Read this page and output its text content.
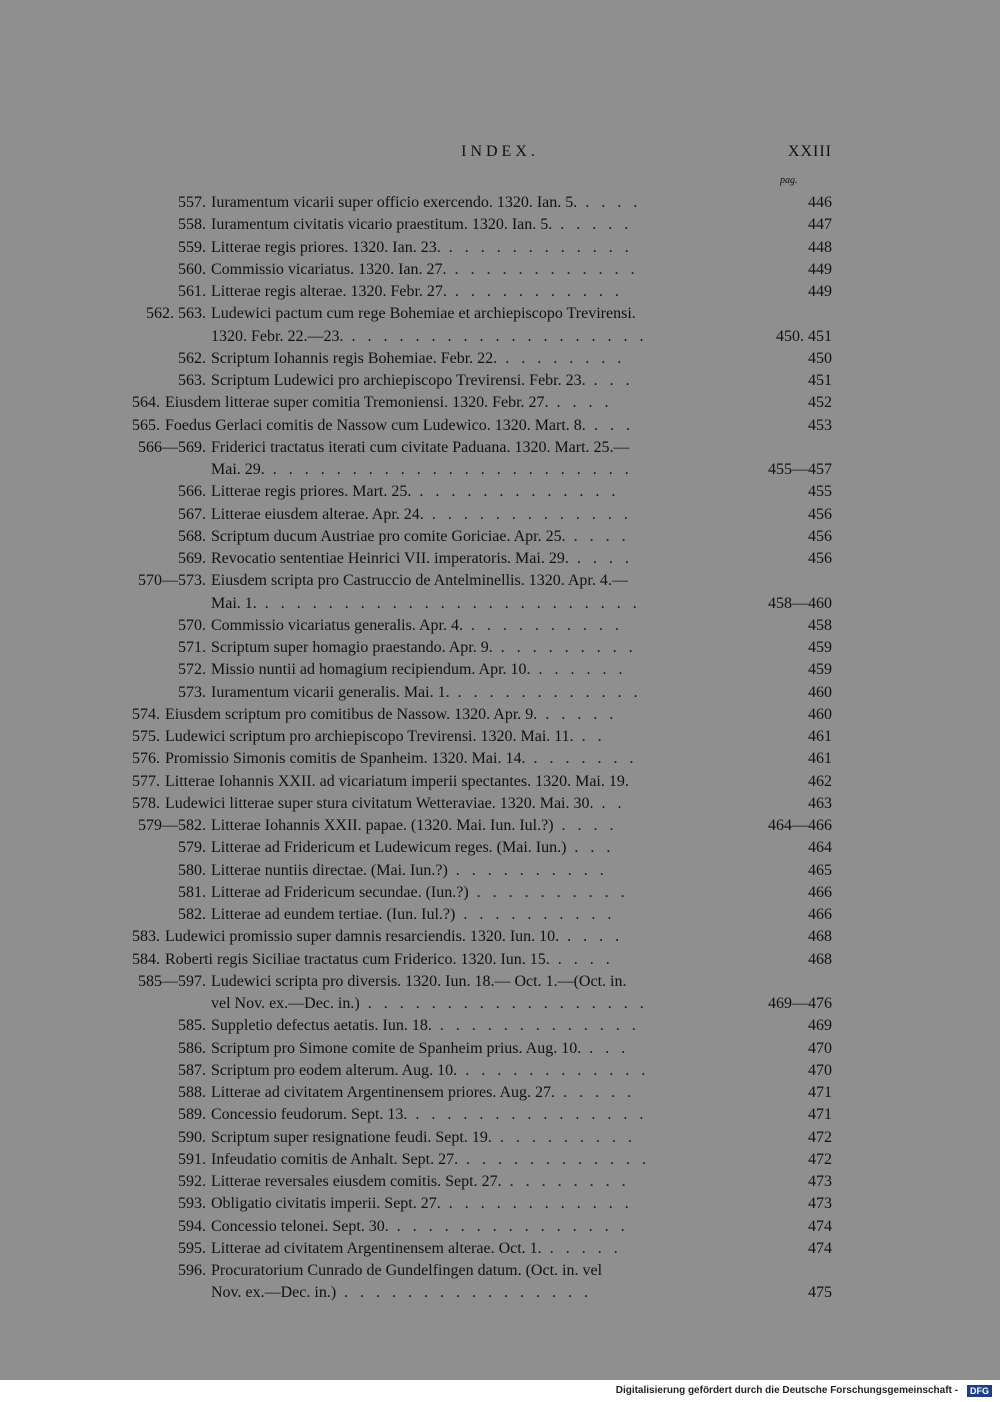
INDEX.	XXIII
pag.
557. Iuramentum vicarii super officio exercendo. 1320. Ian. 5. . . . .	446
558. Iuramentum civitatis vicario praestitum. 1320. Ian. 5. . . . . .	447
559. Litterae regis priores. 1320. Ian. 23. . . . . . . . . . . . .	448
560. Commissio vicariatus. 1320. Ian. 27. . . . . . . . . . . . .	449
561. Litterae regis alterae. 1320. Febr. 27. . . . . . . . . . . .	449
562. 563. Ludewici pactum cum rege Bohemiae et archiepiscopo Trevirensi.
1320. Febr. 22.—23. . . . . . . . . . . . . . . . . . . .	450. 451
562. Scriptum Iohannis regis Bohemiae. Febr. 22. . . . . . . . .	450
563. Scriptum Ludewici pro archiepiscopo Trevirensi. Febr. 23. . . .	451
564. Eiusdem litterae super comitia Tremoniensi. 1320. Febr. 27. . . . .	452
565. Foedus Gerlaci comitis de Nassow cum Ludewico. 1320. Mart. 8. . . .	453
566—569. Friderici tractatus iterati cum civitate Paduana. 1320. Mart. 25.—
Mai. 29. . . . . . . . . . . . . . . . . . . . . . . .	455—457
566. Litterae regis priores. Mart. 25. . . . . . . . . . . . . .	455
567. Litterae eiusdem alterae. Apr. 24. . . . . . . . . . . . . .	456
568. Scriptum ducum Austriae pro comite Goriciae. Apr. 25. . . . .	456
569. Revocatio sententiae Heinrici VII. imperatoris. Mai. 29. . . . .	456
570—573. Eiusdem scripta pro Castruccio de Antelminellis. 1320. Apr. 4.—
Mai. 1. . . . . . . . . . . . . . . . . . . . . . . . .	458—460
570. Commissio vicariatus generalis. Apr. 4. . . . . . . . . . .	458
571. Scriptum super homagio praestando. Apr. 9. . . . . . . . . .	459
572. Missio nuntii ad homagium recipiendum. Apr. 10. . . . . . .	459
573. Iuramentum vicarii generalis. Mai. 1. . . . . . . . . . . . .	460
574. Eiusdem scriptum pro comitibus de Nassow. 1320. Apr. 9. . . . . .	460
575. Ludewici scriptum pro archiepiscopo Trevirensi. 1320. Mai. 11. . .	461
576. Promissio Simonis comitis de Spanheim. 1320. Mai. 14. . . . . . . .	461
577. Litterae Iohannis XXII. ad vicariatum imperii spectantes. 1320. Mai. 19.	462
578. Ludewici litterae super stura civitatum Wetteraviae. 1320. Mai. 30. . .	463
579—582. Litterae Iohannis XXII. papae. (1320. Mai. Iun. Iul.?) . . . .	464—466
579. Litterae ad Fridericum et Ludewicum reges. (Mai. Iun.) . . .	464
580. Litterae nuntiis directae. (Mai. Iun.?) . . . . . . . . . .	465
581. Litterae ad Fridericum secundae. (Iun.?) . . . . . . . . . .	466
582. Litterae ad eundem tertiae. (Iun. Iul.?) . . . . . . . . . .	466
583. Ludewici promissio super damnis resarciendis. 1320. Iun. 10. . . . .	468
584. Roberti regis Siciliae tractatus cum Friderico. 1320. Iun. 15. . . . .	468
585—597. Ludewici scripta pro diversis. 1320. Iun. 18.— Oct. 1.—(Oct. in.
vel Nov. ex.—Dec. in.) . . . . . . . . . . . . . . . . . .	469—476
585. Suppletio defectus aetatis. Iun. 18. . . . . . . . . . . . . .	469
586. Scriptum pro Simone comite de Spanheim prius. Aug. 10. . . .	470
587. Scriptum pro eodem alterum. Aug. 10. . . . . . . . . . . . .	470
588. Litterae ad civitatem Argentinensem priores. Aug. 27. . . . . .	471
589. Concessio feudorum. Sept. 13. . . . . . . . . . . . . . . .	471
590. Scriptum super resignatione feudi. Sept. 19. . . . . . . . . .	472
591. Infeudatio comitis de Anhalt. Sept. 27. . . . . . . . . . . . .	472
592. Litterae reversales eiusdem comitis. Sept. 27. . . . . . . . .	473
593. Obligatio civitatis imperii. Sept. 27. . . . . . . . . . . . .	473
594. Concessio telonei. Sept. 30. . . . . . . . . . . . . . . .	474
595. Litterae ad civitatem Argentinensem alterae. Oct. 1. . . . . .	474
596. Procuratorium Cunrado de Gundelfingen datum. (Oct. in. vel
Nov. ex.—Dec. in.) . . . . . . . . . . . . . . . .	475
Digitalisierung gefördert durch die Deutsche Forschungsgemeinschaft -	DFG
